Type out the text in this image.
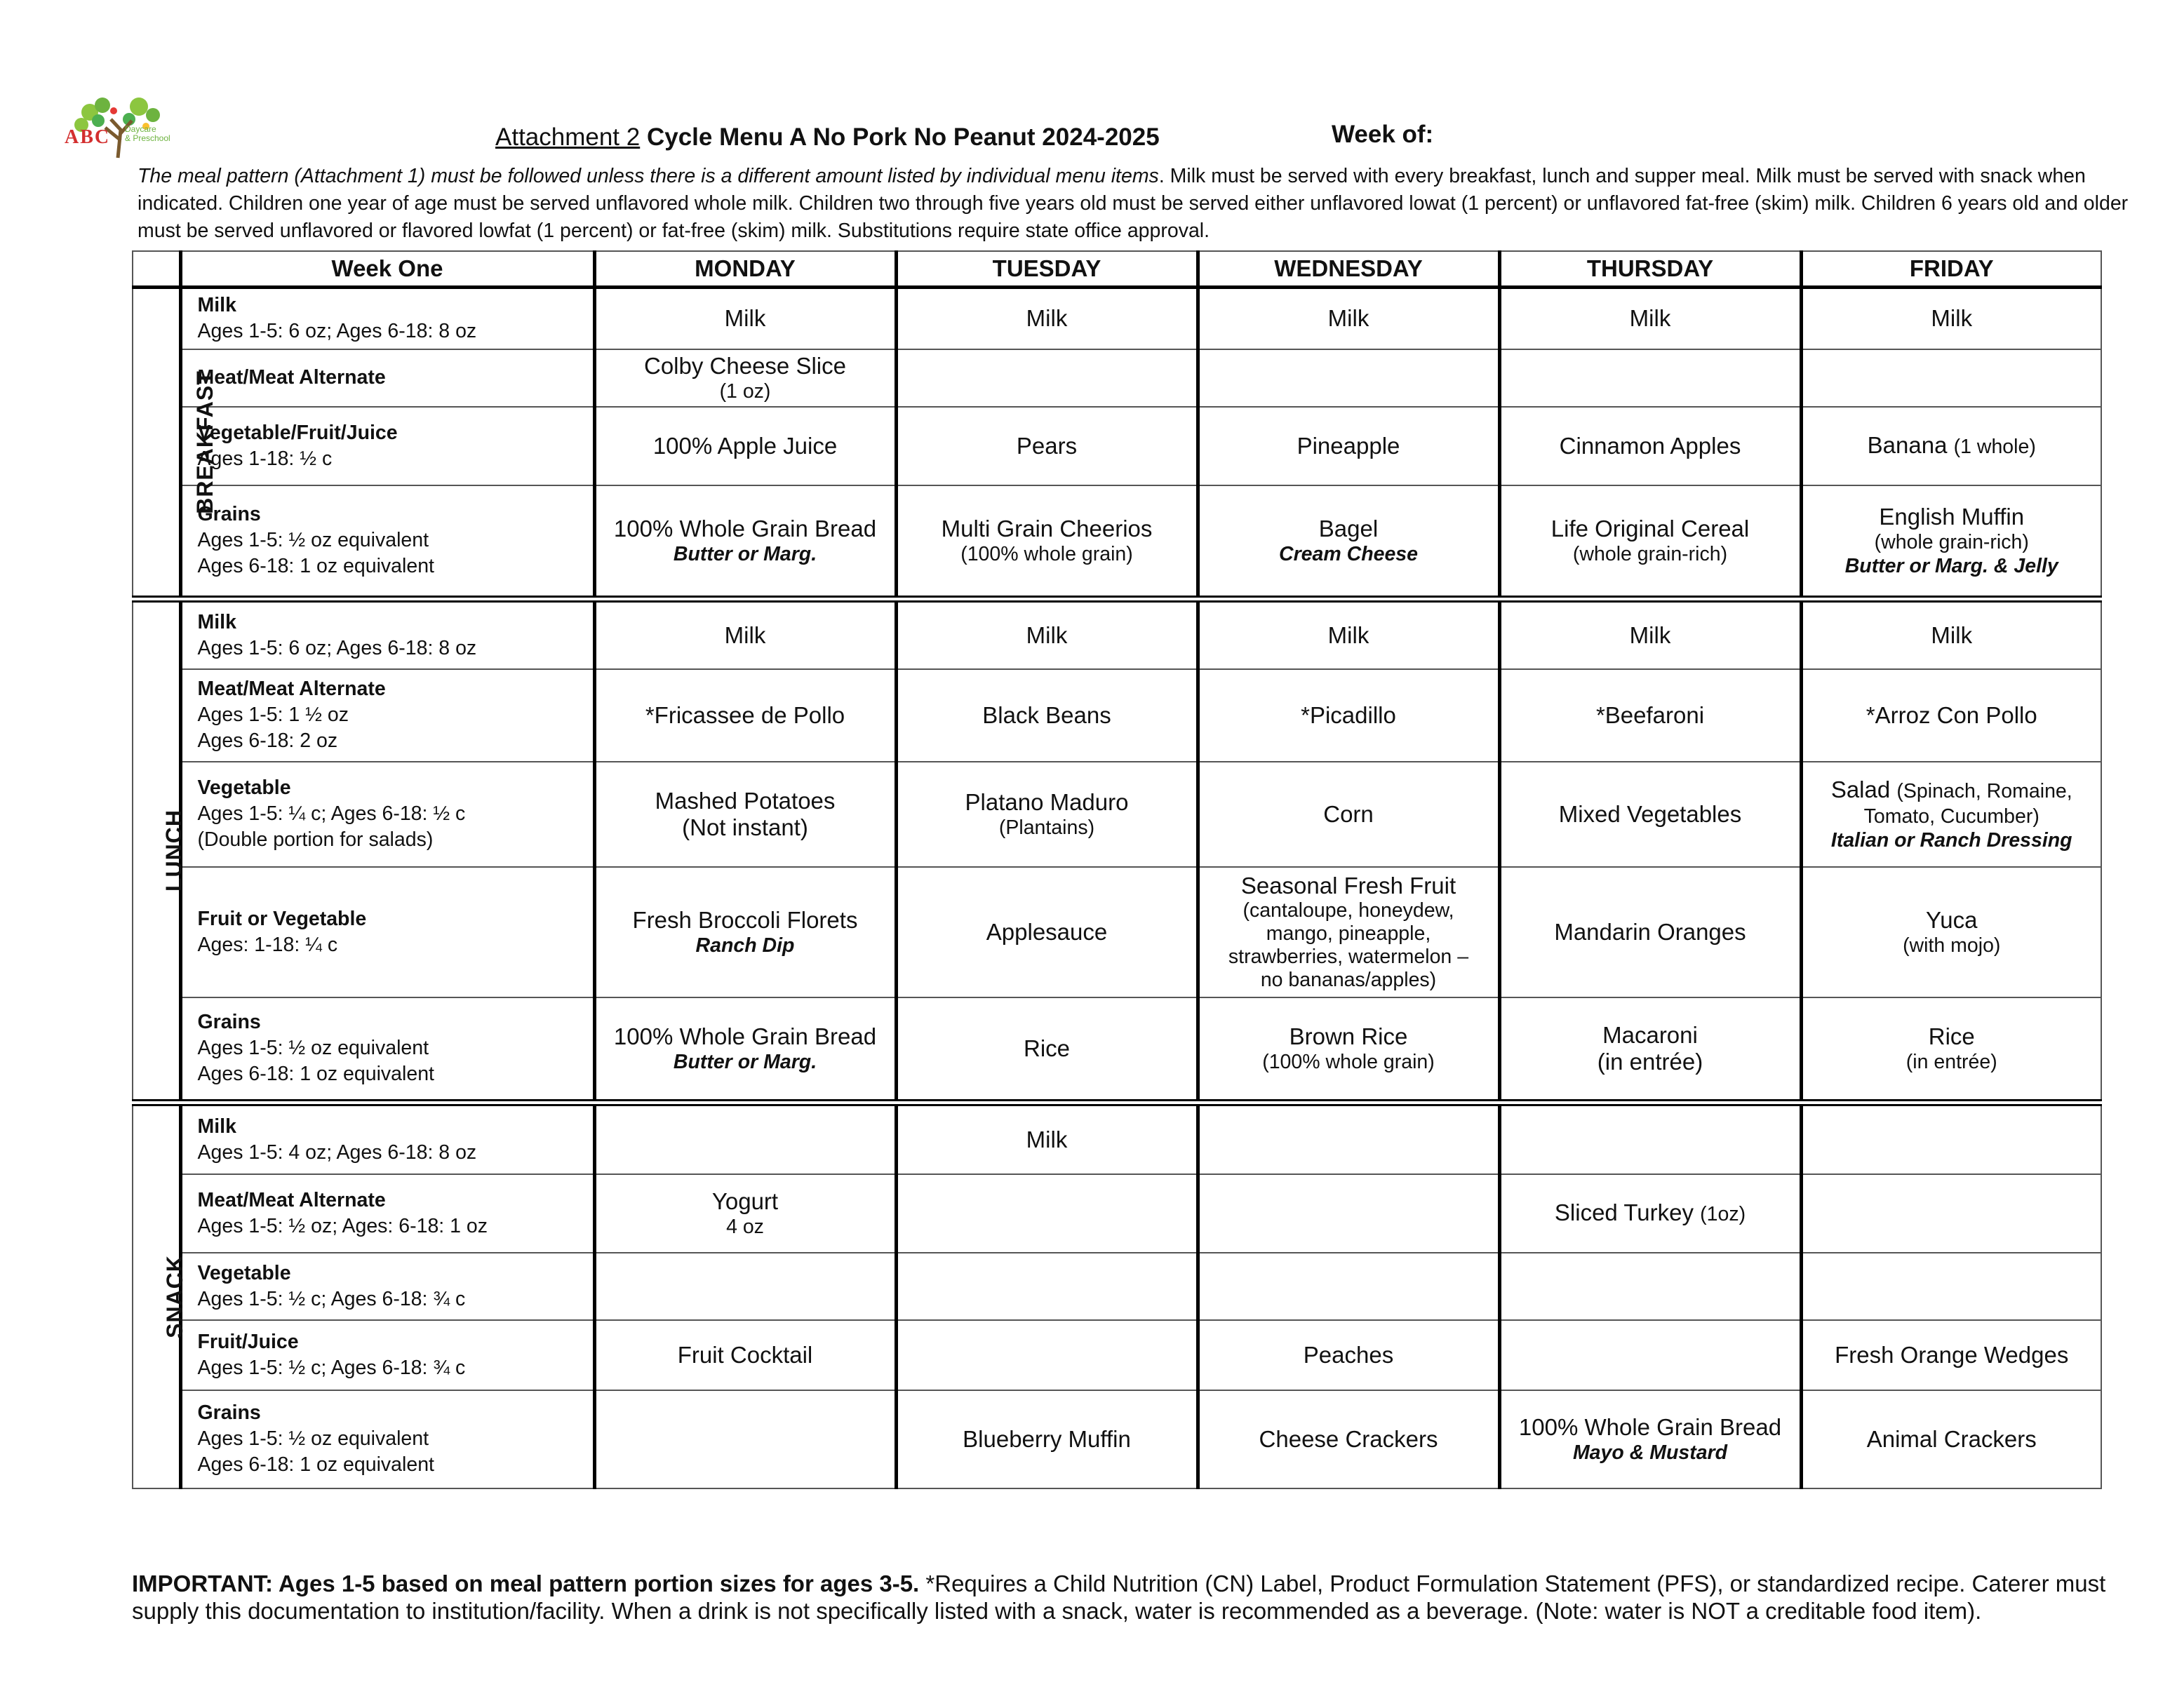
ABC Daycare
& Preschool	Attachment 2 Cycle Menu A No Pork No Peanut 2024-2025	Week of:
The meal pattern (Attachment 1) must be followed unless there is a different amount listed by individual menu items. Milk must be served with every breakfast, lunch and supper meal. Milk must be served with snack when indicated. Children one year of age must be served unflavored whole milk. Children two through five years old must be served either unflavored lowat (1 percent) or unflavored fat-free (skim) milk. Children 6 years old and older must be served unflavored or flavored lowfat (1 percent) or fat-free (skim) milk. Substitutions require state office approval.
	Week One	MONDAY	TUESDAY	WEDNESDAY	THURSDAY	FRIDAY
BREAKFAST	Milk
Ages 1-5: 6 oz; Ages 6-18: 8 oz	Milk	Milk	Milk	Milk	Milk

	Meat/Meat Alternate	Colby Cheese Slice
(1 oz)				

	Vegetable/Fruit/Juice
Ages 1-18: ½ c	100% Apple Juice	Pears	Pineapple	Cinnamon Apples	Banana (1 whole)
	Grains
Ages 1-5: ½ oz equivalent
Ages 6-18: 1 oz equivalent	100% Whole Grain Bread
Butter or Marg.	Multi Grain Cheerios
(100% whole grain)	Bagel
Cream Cheese	Life Original Cereal
(whole grain-rich)	English Muffin
(whole grain-rich)
Butter or Marg. & Jelly

LUNCH	Milk
Ages 1-5: 6 oz; Ages 6-18: 8 oz	Milk	Milk	Milk	Milk	Milk

	Meat/Meat Alternate
Ages 1-5: 1 ½ oz
Ages 6-18: 2 oz	*Fricassee de Pollo	Black Beans	*Picadillo	*Beefaroni	*Arroz Con Pollo

	Vegetable
Ages 1-5: ¼ c; Ages 6-18: ½ c
(Double portion for salads)	Mashed Potatoes
(Not instant)	Platano Maduro
(Plantains)	Corn	Mixed Vegetables	Salad (Spinach, Romaine,
Tomato, Cucumber)
Italian or Ranch Dressing

	Fruit or Vegetable
Ages: 1-18: ¼ c	Fresh Broccoli Florets
Ranch Dip	Applesauce	Seasonal Fresh Fruit
(cantaloupe, honeydew, mango, pineapple, strawberries, watermelon – no bananas/apples)	Mandarin Oranges	Yuca
(with mojo)

	Grains
Ages 1-5: ½ oz equivalent
Ages 6-18: 1 oz equivalent	100% Whole Grain Bread
Butter or Marg.	Rice	Brown Rice
(100% whole grain)	Macaroni
(in entrée)	Rice
(in entrée)

SNACK	Milk
Ages 1-5: 4 oz; Ages 6-18: 8 oz		Milk			

	Meat/Meat Alternate
Ages 1-5: ½ oz; Ages: 6-18: 1 oz	Yogurt
4 oz			Sliced Turkey (1oz)	
	Vegetable
Ages 1-5: ½ c; Ages 6-18: ¾ c					
	Fruit/Juice
Ages 1-5: ½ c; Ages 6-18: ¾ c	Fruit Cocktail		Peaches		Fresh Orange Wedges

	Grains
Ages 1-5: ½ oz equivalent
Ages 6-18: 1 oz equivalent		Blueberry Muffin	Cheese Crackers	100% Whole Grain Bread
Mayo & Mustard	Animal Crackers
IMPORTANT: Ages 1-5 based on meal pattern portion sizes for ages 3-5. *Requires a Child Nutrition (CN) Label, Product Formulation Statement (PFS), or standardized recipe. Caterer must supply this documentation to institution/facility. When a drink is not specifically listed with a snack, water is recommended as a beverage. (Note: water is NOT a creditable food item).
